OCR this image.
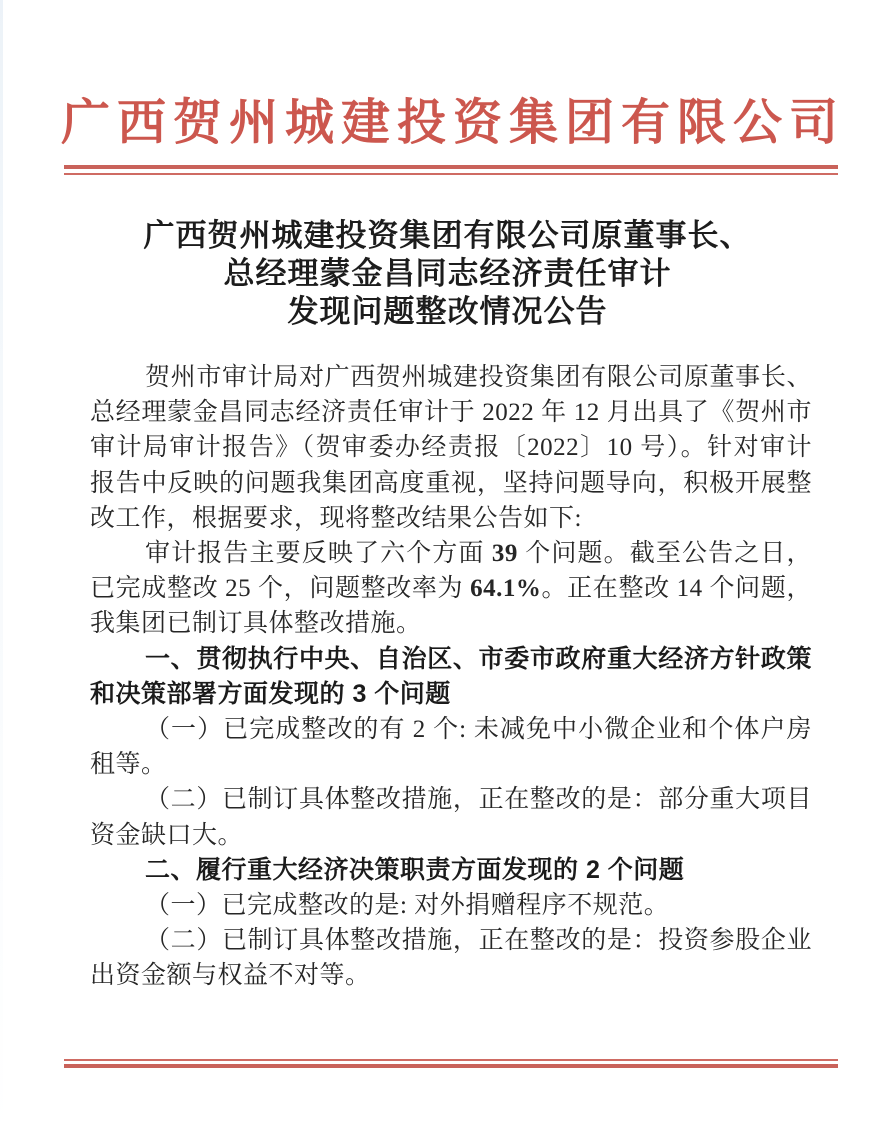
广西贺州城建投资集团有限公司
广西贺州城建投资集团有限公司原董事长、
总经理蒙金昌同志经济责任审计
发现问题整改情况公告

贺州市审计局对广西贺州城建投资集团有限公司原董事长、总经理蒙金昌同志经济责任审计于 2022 年 12 月出具了《贺州市审计局审计报告》（贺审委办经责报〔2022〕10 号）。针对审计报告中反映的问题我集团高度重视，坚持问题导向，积极开展整改工作，根据要求，现将整改结果公告如下:

审计报告主要反映了六个方面 39 个问题。截至公告之日，已完成整改 25 个，问题整改率为 64.1%。正在整改 14 个问题，我集团已制订具体整改措施。

一、贯彻执行中央、自治区、市委市政府重大经济方针政策和决策部署方面发现的 3 个问题

（一）已完成整改的有 2 个: 未减免中小微企业和个体户房租等。

（二）已制订具体整改措施，正在整改的是：部分重大项目资金缺口大。

二、履行重大经济决策职责方面发现的 2 个问题

（一）已完成整改的是: 对外捐赠程序不规范。

（二）已制订具体整改措施，正在整改的是：投资参股企业出资金额与权益不对等。
